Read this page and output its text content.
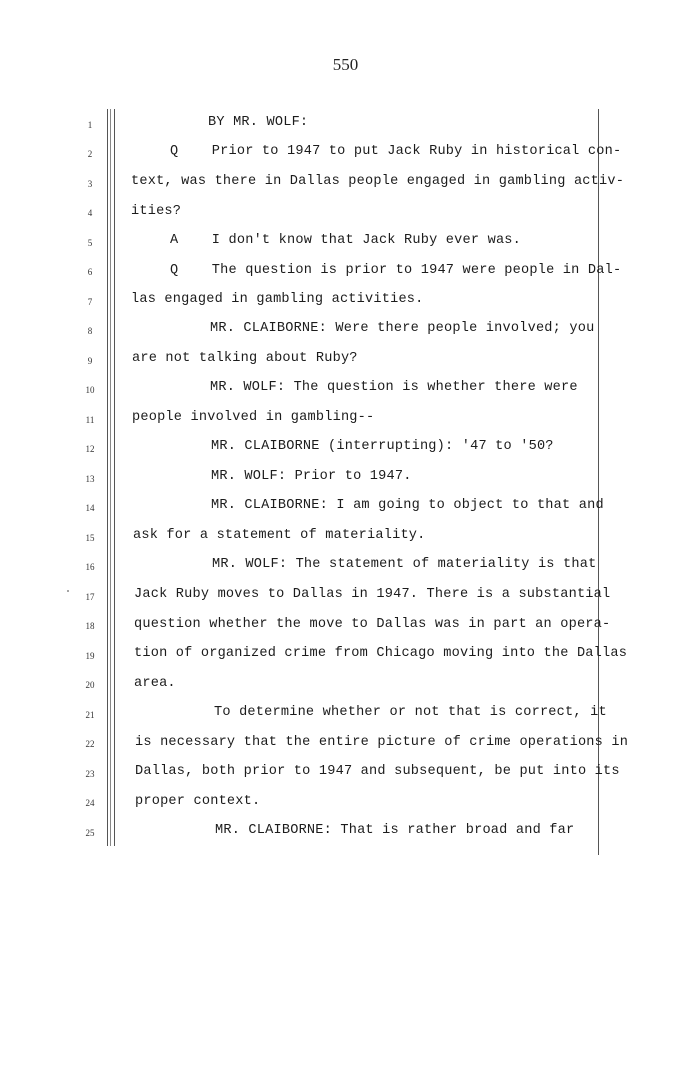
550
1	BY MR. WOLF:
2	Q    Prior to 1947 to put Jack Ruby in historical con-
3	text, was there in Dallas people engaged in gambling activ-
4	ities?
5	A    I don't know that Jack Ruby ever was.
6	Q    The question is prior to 1947 were people in Dal-
7	las engaged in gambling activities.
8	MR. CLAIBORNE: Were there people involved; you
9	are not talking about Ruby?
10	MR. WOLF: The question is whether there were
11	people involved in gambling--
12	MR. CLAIBORNE (interrupting): '47 to '50?
13	MR. WOLF: Prior to 1947.
14	MR. CLAIBORNE: I am going to object to that and
15	ask for a statement of materiality.
16	MR. WOLF: The statement of materiality is that
17	Jack Ruby moves to Dallas in 1947. There is a substantial
18	question whether the move to Dallas was in part an opera-
19	tion of organized crime from Chicago moving into the Dallas
20	area.
21	To determine whether or not that is correct, it
22	is necessary that the entire picture of crime operations in
23	Dallas, both prior to 1947 and subsequent, be put into its
24	proper context.
25	MR. CLAIBORNE: That is rather broad and far
